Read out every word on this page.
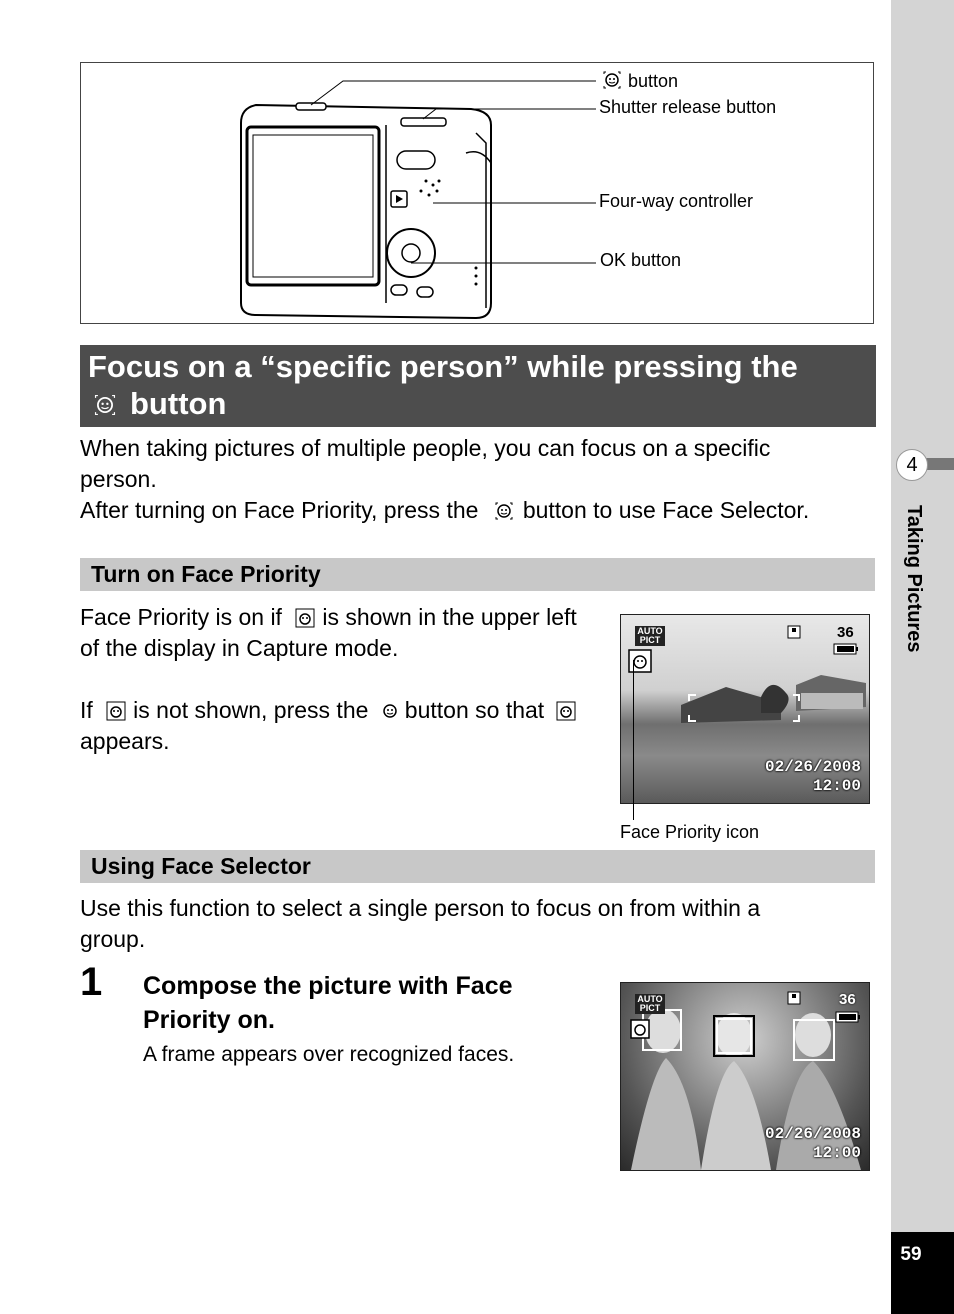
4
Taking Pictures
59
button
Shutter release button
Four-way controller
OK button
Focus on a “specific person” while pressing the
button
When taking pictures of multiple people, you can focus on a specific
person.
After turning on Face Priority, press the button to use Face Selector.
Turn on Face Priority
Face Priority is on if is shown in the upper left
of the display in Capture mode.
If is not shown, press the button so that
appears.
AUTO PICT	36
02/26/2008
12:00
Face Priority icon
Using Face Selector
Use this function to select a single person to focus on from within a
group.
1 Compose the picture with Face
Priority on.
A frame appears over recognized faces.
AUTO PICT	36
02/26/2008
12:00
